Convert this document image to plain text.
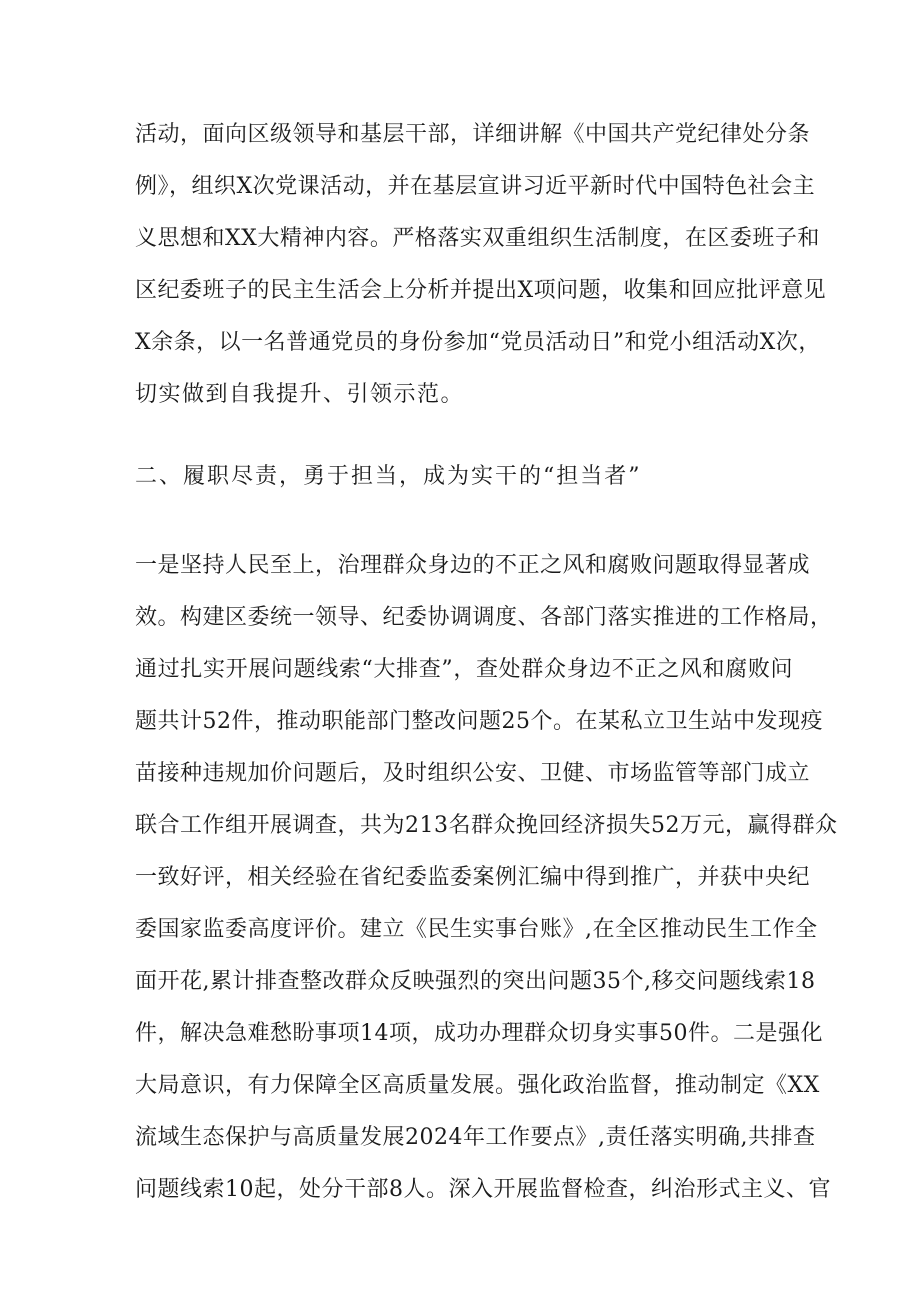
活动，面向区级领导和基层干部，详细讲解《中国共产党纪律处分条
例》，组织X次党课活动，并在基层宣讲习近平新时代中国特色社会主
义思想和XX大精神内容。严格落实双重组织生活制度，在区委班子和
区纪委班子的民主生活会上分析并提出X项问题，收集和回应批评意见
X余条，以一名普通党员的身份参加“党员活动日”和党小组活动X次，
切实做到自我提升、引领示范。
二、履职尽责，勇于担当，成为实干的“担当者”
一是坚持人民至上，治理群众身边的不正之风和腐败问题取得显著成
效。构建区委统一领导、纪委协调调度、各部门落实推进的工作格局，
通过扎实开展问题线索“大排查”，查处群众身边不正之风和腐败问
题共计52件，推动职能部门整改问题25个。在某私立卫生站中发现疫
苗接种违规加价问题后，及时组织公安、卫健、市场监管等部门成立
联合工作组开展调查，共为213名群众挽回经济损失52万元，赢得群众
一致好评，相关经验在省纪委监委案例汇编中得到推广，并获中央纪
委国家监委高度评价。建立《民生实事台账》,在全区推动民生工作全
面开花,累计排查整改群众反映强烈的突出问题35个,移交问题线索18
件，解决急难愁盼事项14项，成功办理群众切身实事50件。二是强化
大局意识，有力保障全区高质量发展。强化政治监督，推动制定《XX
流域生态保护与高质量发展2024年工作要点》,责任落实明确,共排查
问题线索10起，处分干部8人。深入开展监督检查，纠治形式主义、官
